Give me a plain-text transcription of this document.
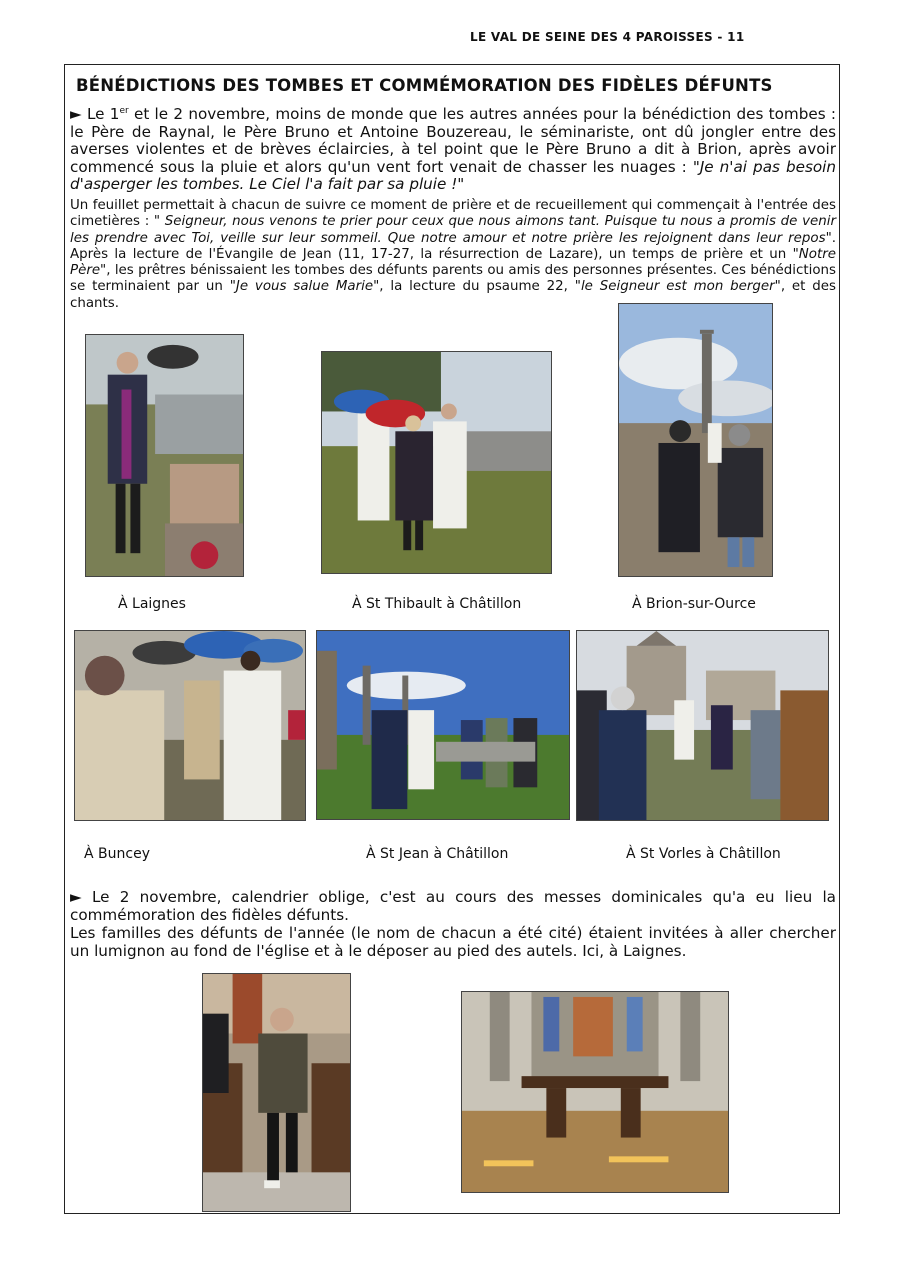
LE VAL DE SEINE DES 4 PAROISSES - 11
BÉNÉDICTIONS DES TOMBES ET COMMÉMORATION DES FIDÈLES DÉFUNTS
► Le 1er et le 2 novembre, moins de monde que les autres années pour la bénédiction des tombes : le Père de Raynal, le Père Bruno et Antoine Bouzereau, le séminariste, ont dû jongler entre des averses violentes et de brèves éclaircies, à tel point que le Père Bruno a dit à Brion, après avoir commencé sous la pluie et alors qu'un vent fort venait de chasser les nuages : "Je n'ai pas besoin d'asperger les tombes. Le Ciel l'a fait par sa pluie !"
Un feuillet permettait à chacun de suivre ce moment de prière et de recueillement qui commençait à l'entrée des cimetières : " Seigneur, nous venons te prier pour ceux que nous aimons tant. Puisque tu nous a promis de venir les prendre avec Toi, veille sur leur sommeil. Que notre amour et notre prière les rejoignent dans leur repos". Après la lecture de l'Évangile de Jean (11, 17-27, la résurrection de Lazare), un temps de prière et un "Notre Père", les prêtres bénissaient les tombes des défunts parents ou amis des personnes présentes. Ces bénédictions se terminaient par un "Je vous salue Marie", la lecture du psaume 22, "le Seigneur est mon berger", et des chants.
À Laignes	À St Thibault à Châtillon	À Brion-sur-Ource
À Buncey	À St Jean à Châtillon	À St Vorles à Châtillon
► Le 2 novembre, calendrier oblige, c'est au cours des messes dominicales qu'a eu lieu la commémoration des fidèles défunts.
Les familles des défunts de l'année (le nom de chacun a été cité) étaient invitées à aller chercher un lumignon au fond de l'église et à le déposer au pied des autels. Ici, à Laignes.
